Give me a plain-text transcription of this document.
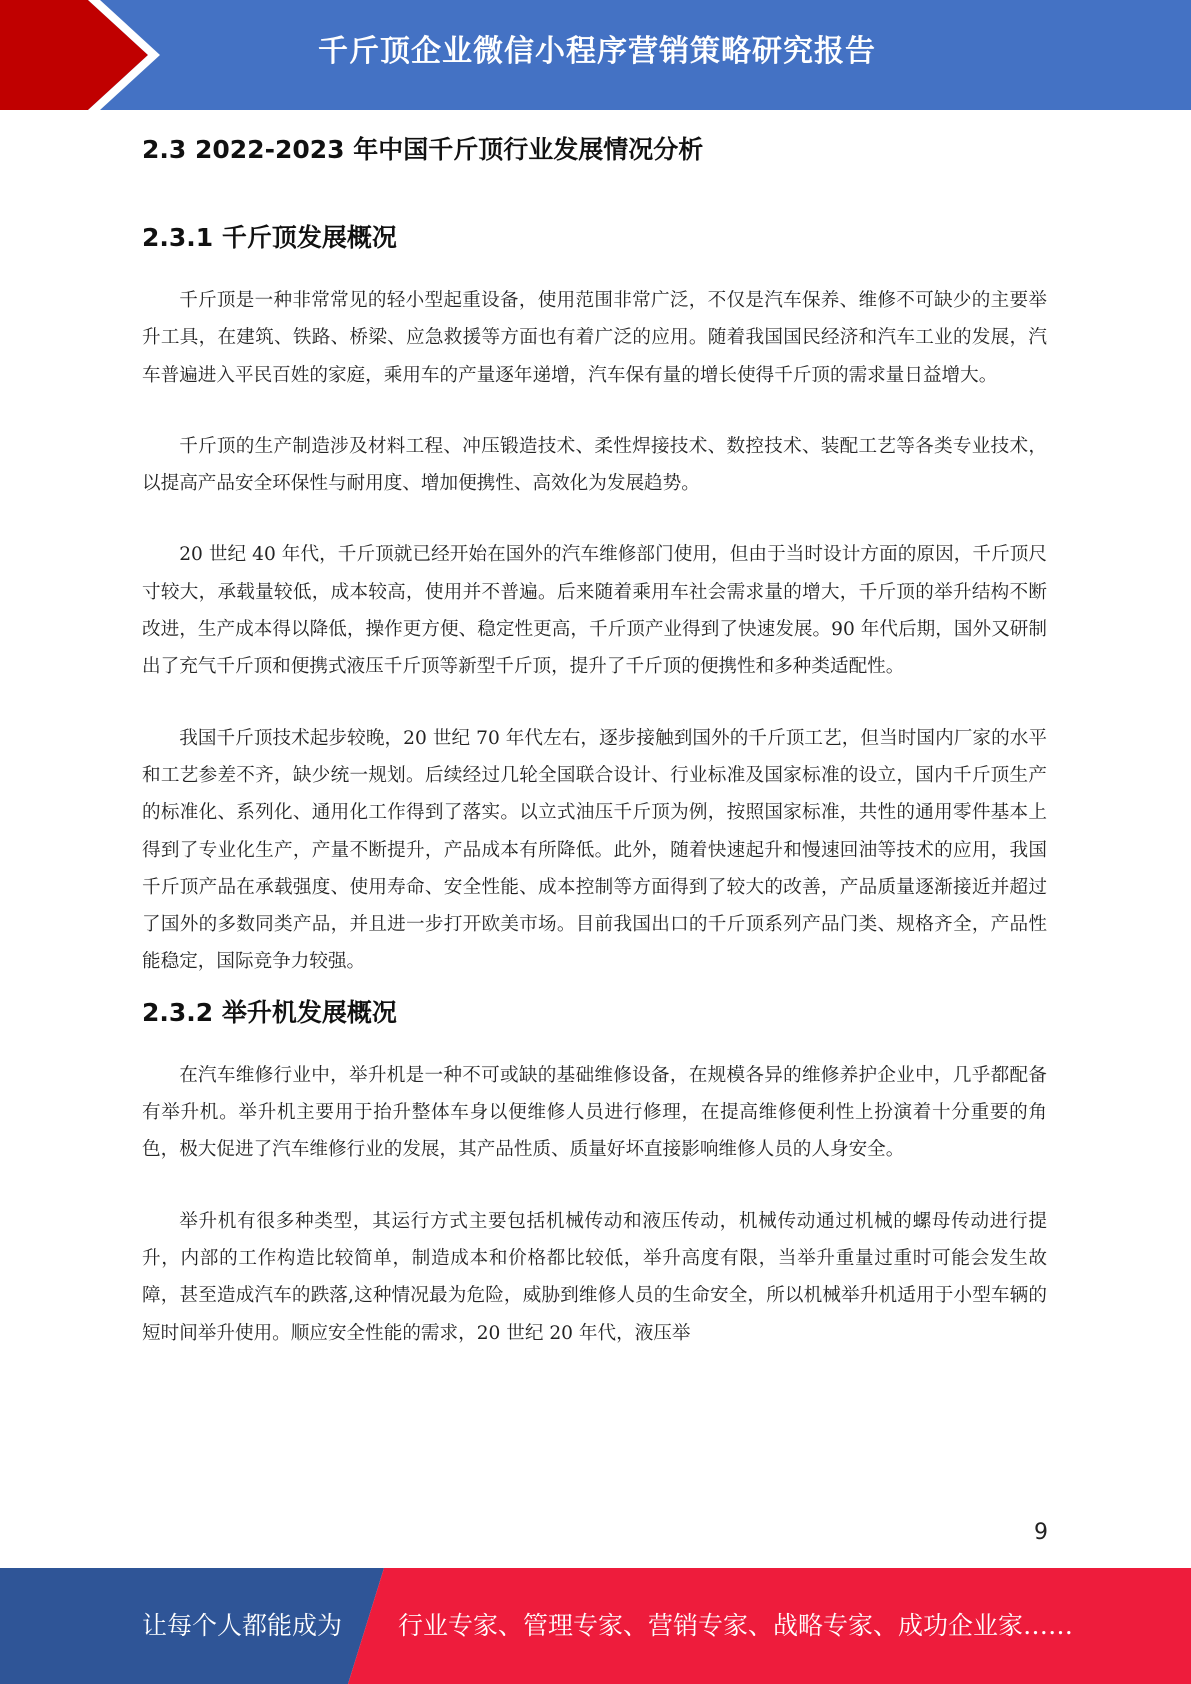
千斤顶企业微信小程序营销策略研究报告
2.3 2022-2023 年中国千斤顶行业发展情况分析
2.3.1 千斤顶发展概况

千斤顶是一种非常常见的轻小型起重设备，使用范围非常广泛，不仅是汽车保养、维修不可缺少的主要举升工具，在建筑、铁路、桥梁、应急救援等方面也有着广泛的应用。随着我国国民经济和汽车工业的发展，汽车普遍进入平民百姓的家庭，乘用车的产量逐年递增，汽车保有量的增长使得千斤顶的需求量日益增大。

千斤顶的生产制造涉及材料工程、冲压锻造技术、柔性焊接技术、数控技术、装配工艺等各类专业技术，以提高产品安全环保性与耐用度、增加便携性、高效化为发展趋势。

20 世纪 40 年代，千斤顶就已经开始在国外的汽车维修部门使用，但由于当时设计方面的原因，千斤顶尺寸较大，承载量较低，成本较高，使用并不普遍。后来随着乘用车社会需求量的增大，千斤顶的举升结构不断改进，生产成本得以降低，操作更方便、稳定性更高，千斤顶产业得到了快速发展。90 年代后期，国外又研制出了充气千斤顶和便携式液压千斤顶等新型千斤顶，提升了千斤顶的便携性和多种类适配性。

我国千斤顶技术起步较晚，20 世纪 70 年代左右，逐步接触到国外的千斤顶工艺，但当时国内厂家的水平和工艺参差不齐，缺少统一规划。后续经过几轮全国联合设计、行业标准及国家标准的设立，国内千斤顶生产的标准化、系列化、通用化工作得到了落实。以立式油压千斤顶为例，按照国家标准，共性的通用零件基本上得到了专业化生产，产量不断提升，产品成本有所降低。此外，随着快速起升和慢速回油等技术的应用，我国千斤顶产品在承载强度、使用寿命、安全性能、成本控制等方面得到了较大的改善，产品质量逐渐接近并超过了国外的多数同类产品，并且进一步打开欧美市场。目前我国出口的千斤顶系列产品门类、规格齐全，产品性能稳定，国际竞争力较强。

2.3.2 举升机发展概况

在汽车维修行业中，举升机是一种不可或缺的基础维修设备，在规模各异的维修养护企业中，几乎都配备有举升机。举升机主要用于抬升整体车身以便维修人员进行修理，在提高维修便利性上扮演着十分重要的角色，极大促进了汽车维修行业的发展，其产品性质、质量好坏直接影响维修人员的人身安全。

举升机有很多种类型，其运行方式主要包括机械传动和液压传动，机械传动通过机械的螺母传动进行提升，内部的工作构造比较简单，制造成本和价格都比较低，举升高度有限，当举升重量过重时可能会发生故障，甚至造成汽车的跌落,这种情况最为危险，威胁到维修人员的生命安全，所以机械举升机适用于小型车辆的短时间举升使用。顺应安全性能的需求，20 世纪 20 年代，液压举

9
让每个人都能成为 行业专家、管理专家、营销专家、战略专家、成功企业家……
